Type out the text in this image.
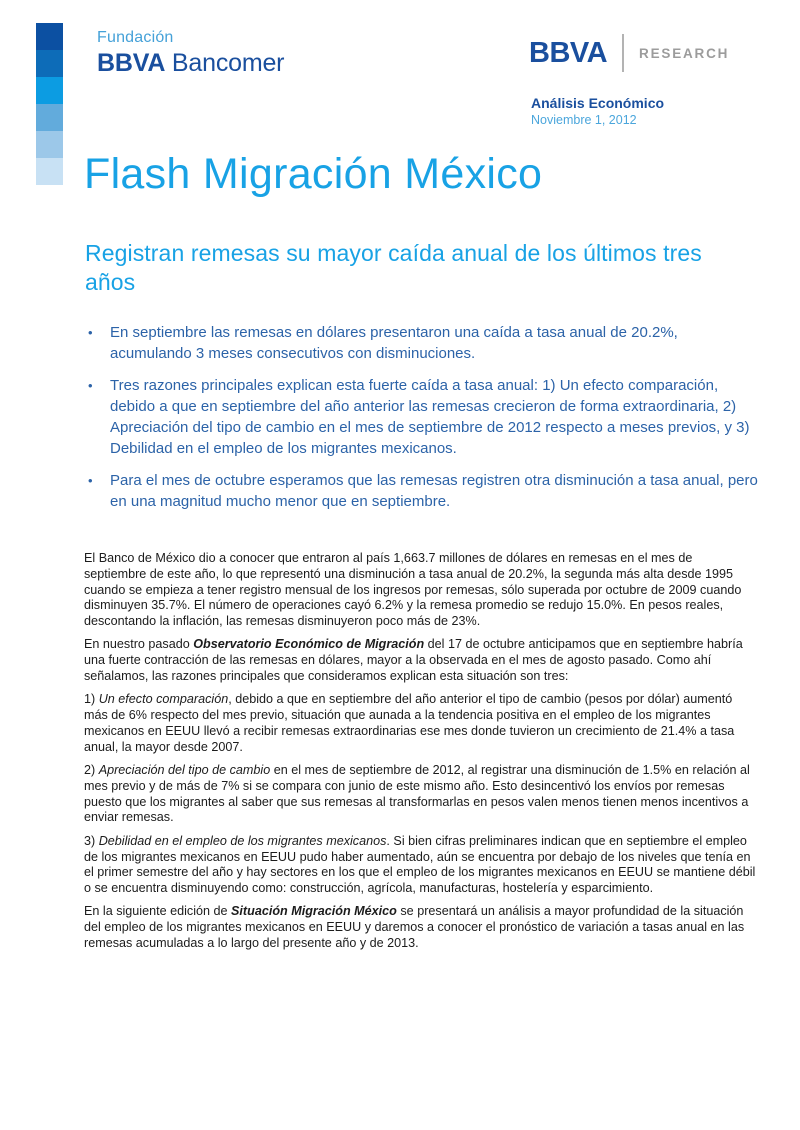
Fundación
BBVA Bancomer	BBVA RESEARCH
Análisis Económico
Noviembre 1, 2012
Flash Migración México
Registran remesas su mayor caída anual de los últimos tres años
•	En septiembre las remesas en dólares presentaron una caída a tasa anual de 20.2%, acumulando 3 meses consecutivos con disminuciones.
•	Tres razones principales explican esta fuerte caída a tasa anual: 1) Un efecto comparación, debido a que en septiembre del año anterior las remesas crecieron de forma extraordinaria, 2) Apreciación del tipo de cambio en el mes de septiembre de 2012 respecto a meses previos, y 3) Debilidad en el empleo de los migrantes mexicanos.
•	Para el mes de octubre esperamos que las remesas registren otra disminución a tasa anual, pero en una magnitud mucho menor que en septiembre.

El Banco de México dio a conocer que entraron al país 1,663.7 millones de dólares en remesas en el mes de septiembre de este año, lo que representó una disminución a tasa anual de 20.2%, la segunda más alta desde 1995 cuando se empieza a tener registro mensual de los ingresos por remesas, sólo superada por octubre de 2009 cuando disminuyen 35.7%. El número de operaciones cayó 6.2% y la remesa promedio se redujo 15.0%. En pesos reales, descontando la inflación, las remesas disminuyeron poco más de 23%.

En nuestro pasado Observatorio Económico de Migración del 17 de octubre anticipamos que en septiembre habría una fuerte contracción de las remesas en dólares, mayor a la observada en el mes de agosto pasado. Como ahí señalamos, las razones principales que consideramos explican esta situación son tres:

1) Un efecto comparación, debido a que en septiembre del año anterior el tipo de cambio (pesos por dólar) aumentó más de 6% respecto del mes previo, situación que aunada a la tendencia positiva en el empleo de los migrantes mexicanos en EEUU llevó a recibir remesas extraordinarias ese mes donde tuvieron un crecimiento de 21.4% a tasa anual, la mayor desde 2007.

2) Apreciación del tipo de cambio en el mes de septiembre de 2012, al registrar una disminución de 1.5% en relación al mes previo y de más de 7% si se compara con junio de este mismo año. Esto desincentivó los envíos por remesas puesto que los migrantes al saber que sus remesas al transformarlas en pesos valen menos tienen menos incentivos a enviar remesas.

3) Debilidad en el empleo de los migrantes mexicanos. Si bien cifras preliminares indican que en septiembre el empleo de los migrantes mexicanos en EEUU pudo haber aumentado, aún se encuentra por debajo de los niveles que tenía en el primer semestre del año y hay sectores en los que el empleo de los migrantes mexicanos en EEUU se mantiene débil o se encuentra disminuyendo como: construcción, agrícola, manufacturas, hostelería y esparcimiento.

En la siguiente edición de Situación Migración México se presentará un análisis a mayor profundidad de la situación del empleo de los migrantes mexicanos en EEUU y daremos a conocer el pronóstico de variación a tasas anual en las remesas acumuladas a lo largo del presente año y de 2013.
